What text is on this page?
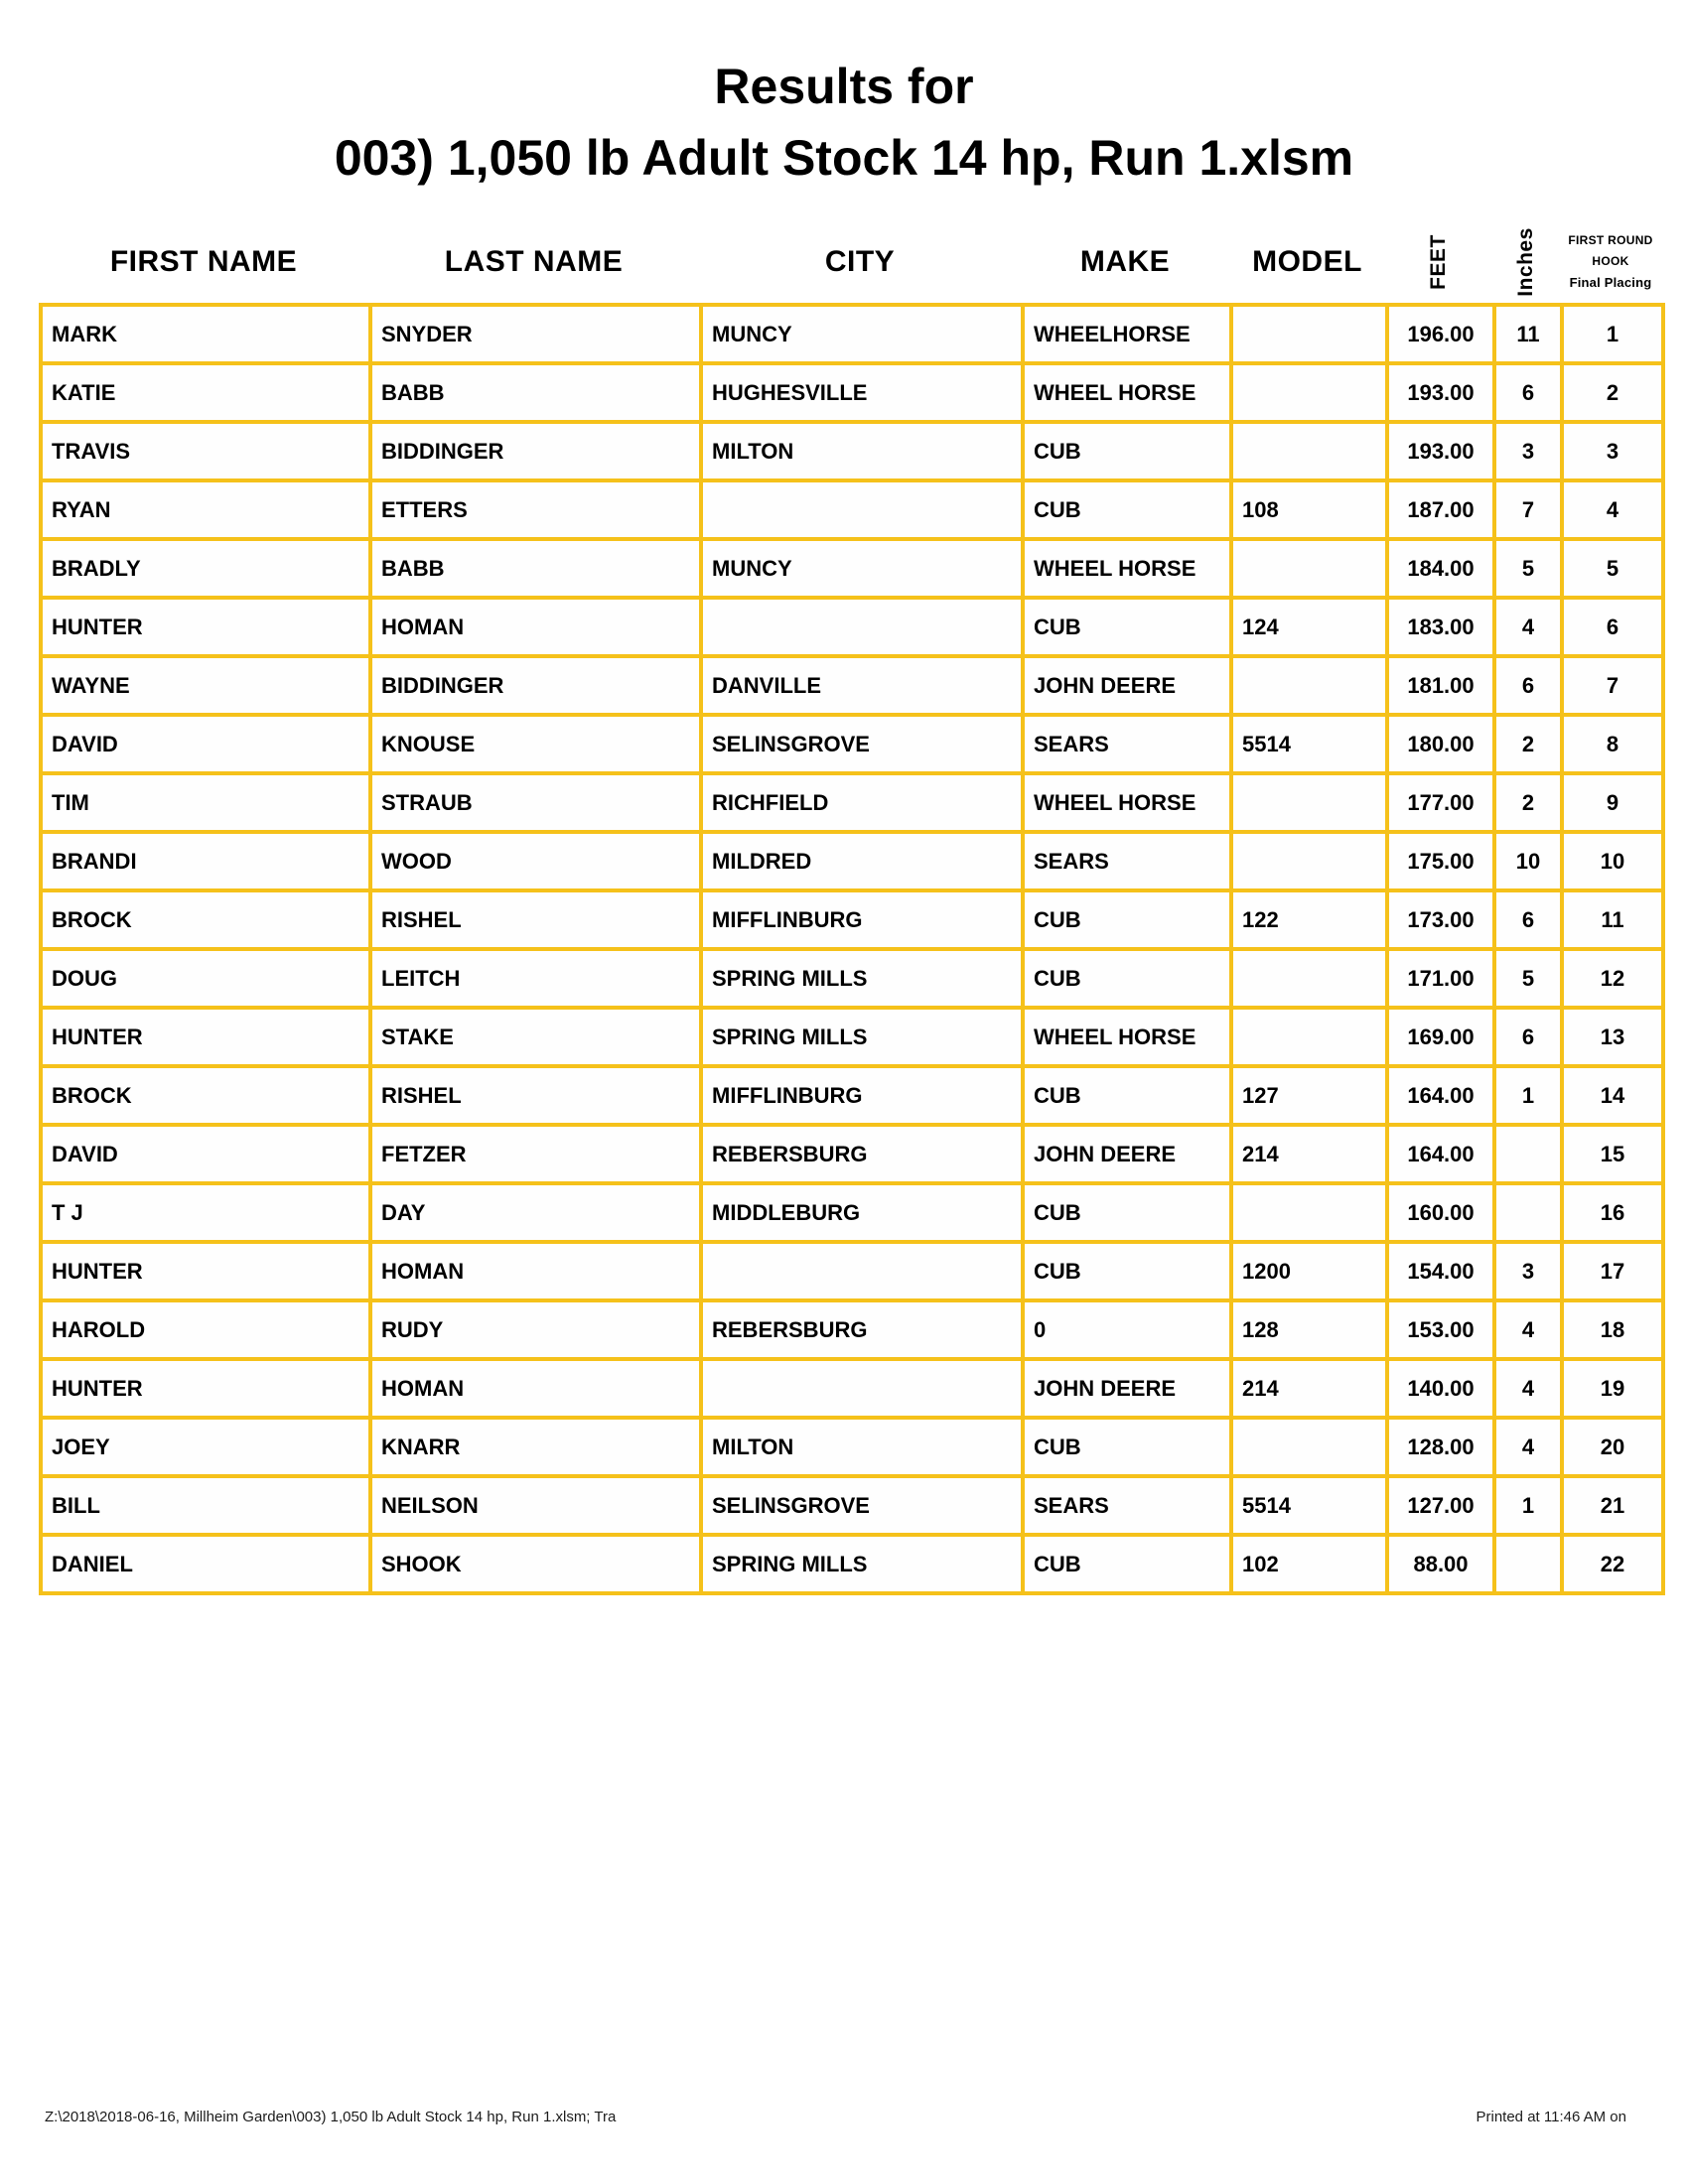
Results for
003) 1,050 lb Adult Stock 14 hp, Run 1.xlsm
FIRST NAME	LAST NAME	CITY	MAKE	MODEL	FEET	Inches	FIRST ROUND
HOOK
Final Placing
MARK	SNYDER	MUNCY	WHEELHORSE		196.00	11	1
KATIE	BABB	HUGHESVILLE	WHEEL HORSE		193.00	6	2
TRAVIS	BIDDINGER	MILTON	CUB		193.00	3	3
RYAN	ETTERS		CUB	108	187.00	7	4
BRADLY	BABB	MUNCY	WHEEL HORSE		184.00	5	5
HUNTER	HOMAN		CUB	124	183.00	4	6
WAYNE	BIDDINGER	DANVILLE	JOHN DEERE		181.00	6	7
DAVID	KNOUSE	SELINSGROVE	SEARS	5514	180.00	2	8
TIM	STRAUB	RICHFIELD	WHEEL HORSE		177.00	2	9
BRANDI	WOOD	MILDRED	SEARS		175.00	10	10
BROCK	RISHEL	MIFFLINBURG	CUB	122	173.00	6	11
DOUG	LEITCH	SPRING MILLS	CUB		171.00	5	12
HUNTER	STAKE	SPRING MILLS	WHEEL HORSE		169.00	6	13
BROCK	RISHEL	MIFFLINBURG	CUB	127	164.00	1	14
DAVID	FETZER	REBERSBURG	JOHN DEERE	214	164.00		15
T J	DAY	MIDDLEBURG	CUB		160.00		16
HUNTER	HOMAN		CUB	1200	154.00	3	17
HAROLD	RUDY	REBERSBURG	0	128	153.00	4	18
HUNTER	HOMAN		JOHN DEERE	214	140.00	4	19
JOEY	KNARR	MILTON	CUB		128.00	4	20
BILL	NEILSON	SELINSGROVE	SEARS	5514	127.00	1	21
DANIEL	SHOOK	SPRING MILLS	CUB	102	88.00		22
Z:\2018\2018-06-16, Millheim Garden\003) 1,050 lb Adult Stock 14 hp, Run 1.xlsm; Tra	Printed at 11:46 AM on
